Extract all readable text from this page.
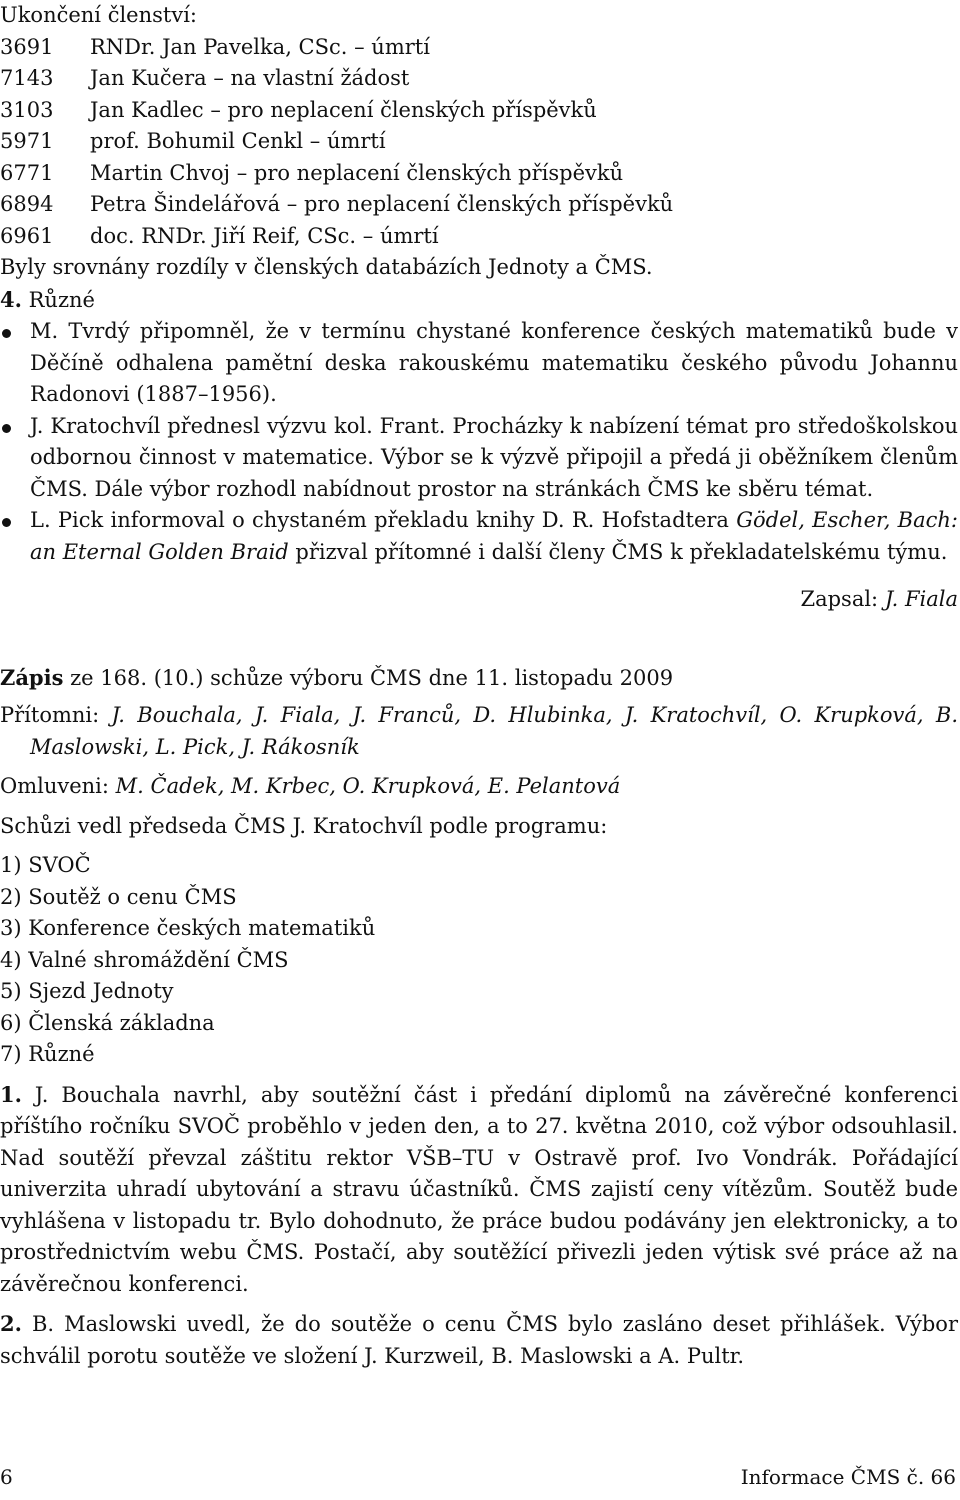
Ukončení členství:
3691	RNDr. Jan Pavelka, CSc. – úmrtí
7143	Jan Kučera – na vlastní žádost
3103	Jan Kadlec – pro neplacení členských příspěvků
5971	prof. Bohumil Cenkl – úmrtí
6771	Martin Chvoj – pro neplacení členských příspěvků
6894	Petra Šindelářová – pro neplacení členských příspěvků
6961	doc. RNDr. Jiří Reif, CSc. – úmrtí
Byly srovnány rozdíly v členských databázích Jednoty a ČMS.
4. Různé
M. Tvrdý připomněl, že v termínu chystané konference českých matematiků bude v Děčíně odhalena pamětní deska rakouskému matematiku českého původu Johannu Radonovi (1887–1956).
J. Kratochvíl přednesl výzvu kol. Frant. Procházky k nabízení témat pro středoškolskou odbornou činnost v matematice. Výbor se k výzvě připojil a předá ji oběžníkem členům ČMS. Dále výbor rozhodl nabídnout prostor na stránkách ČMS ke sběru témat.
L. Pick informoval o chystaném překladu knihy D. R. Hofstadtera Gödel, Escher, Bach: an Eternal Golden Braid přizval přítomné i další členy ČMS k překladatelskému týmu.
Zapsal: J. Fiala
Zápis ze 168. (10.) schůze výboru ČMS dne 11. listopadu 2009
Přítomni: J. Bouchala, J. Fiala, J. Franců, D. Hlubinka, J. Kratochvíl, O. Krupková, B. Maslowski, L. Pick, J. Rákosník
Omluveni: M. Čadek, M. Krbec, O. Krupková, E. Pelantová
Schůzi vedl předseda ČMS J. Kratochvíl podle programu:
1) SVOČ
2) Soutěž o cenu ČMS
3) Konference českých matematiků
4) Valné shromáždění ČMS
5) Sjezd Jednoty
6) Členská základna
7) Různé
1. J. Bouchala navrhl, aby soutěžní část i předání diplomů na závěrečné konferenci příštího ročníku SVOČ proběhlo v jeden den, a to 27. května 2010, což výbor odsouhlasil. Nad soutěží převzal záštitu rektor VŠB–TU v Ostravě prof. Ivo Vondrák. Pořádající univerzita uhradí ubytování a stravu účastníků. ČMS zajistí ceny vítězům. Soutěž bude vyhlášena v listopadu tr. Bylo dohodnuto, že práce budou podávány jen elektronicky, a to prostřednictvím webu ČMS. Postačí, aby soutěžící přivezli jeden výtisk své práce až na závěrečnou konferenci.
2. B. Maslowski uvedl, že do soutěže o cenu ČMS bylo zasláno deset přihlášek. Výbor schválil porotu soutěže ve složení J. Kurzweil, B. Maslowski a A. Pultr.
6	Informace ČMS č. 66
